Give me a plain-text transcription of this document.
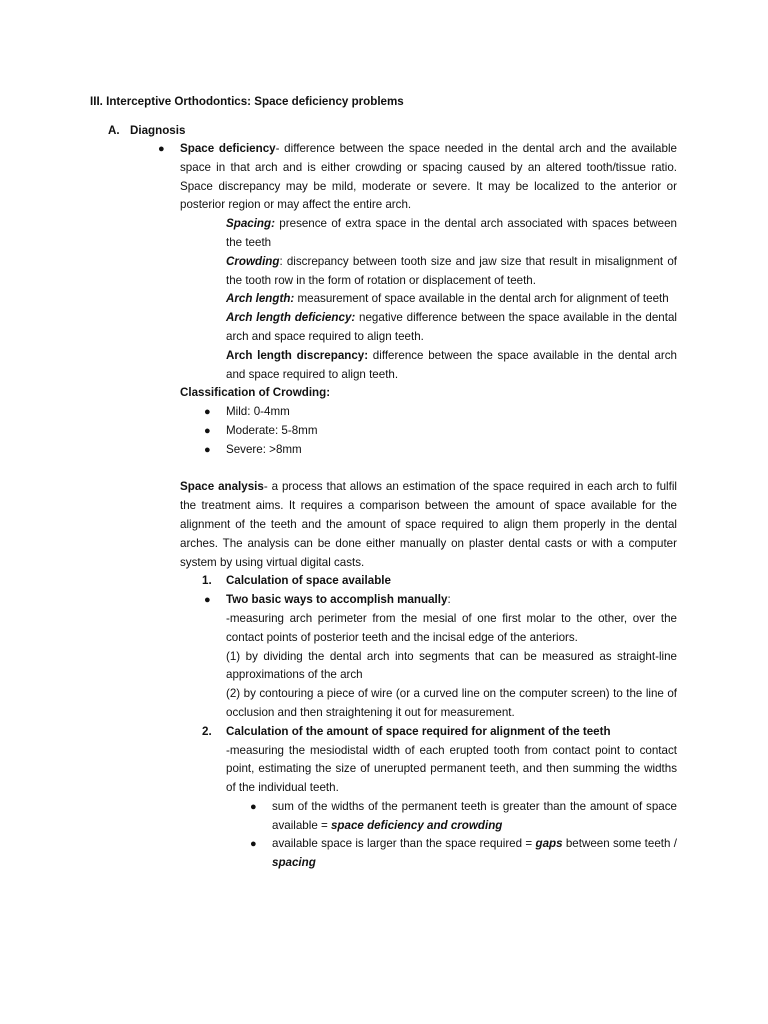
III. Interceptive Orthodontics: Space deficiency problems
A. Diagnosis

● Space deficiency- difference between the space needed in the dental arch and the available space in that arch and is either crowding or spacing caused by an altered tooth/tissue ratio. Space discrepancy may be mild, moderate or severe. It may be localized to the anterior or posterior region or may affect the entire arch.

Spacing: presence of extra space in the dental arch associated with spaces between the teeth

Crowding: discrepancy between tooth size and jaw size that result in misalignment of the tooth row in the form of rotation or displacement of teeth.

Arch length: measurement of space available in the dental arch for alignment of teeth

Arch length deficiency: negative difference between the space available in the dental arch and space required to align teeth.

Arch length discrepancy: difference between the space available in the dental arch and space required to align teeth.

Classification of Crowding:

● Mild: 0-4mm

● Moderate: 5-8mm

● Severe: >8mm

Space analysis- a process that allows an estimation of the space required in each arch to fulfil the treatment aims. It requires a comparison between the amount of space available for the alignment of the teeth and the amount of space required to align them properly in the dental arches. The analysis can be done either manually on plaster dental casts or with a computer system by using virtual digital casts.

1. Calculation of space available

● Two basic ways to accomplish manually:

-measuring arch perimeter from the mesial of one first molar to the other, over the contact points of posterior teeth and the incisal edge of the anteriors.

(1) by dividing the dental arch into segments that can be measured as straight-line approximations of the arch

(2) by contouring a piece of wire (or a curved line on the computer screen) to the line of occlusion and then straightening it out for measurement.

2. Calculation of the amount of space required for alignment of the teeth

-measuring the mesiodistal width of each erupted tooth from contact point to contact point, estimating the size of unerupted permanent teeth, and then summing the widths of the individual teeth.

● sum of the widths of the permanent teeth is greater than the amount of space available = space deficiency and crowding

● available space is larger than the space required = gaps between some teeth / spacing
